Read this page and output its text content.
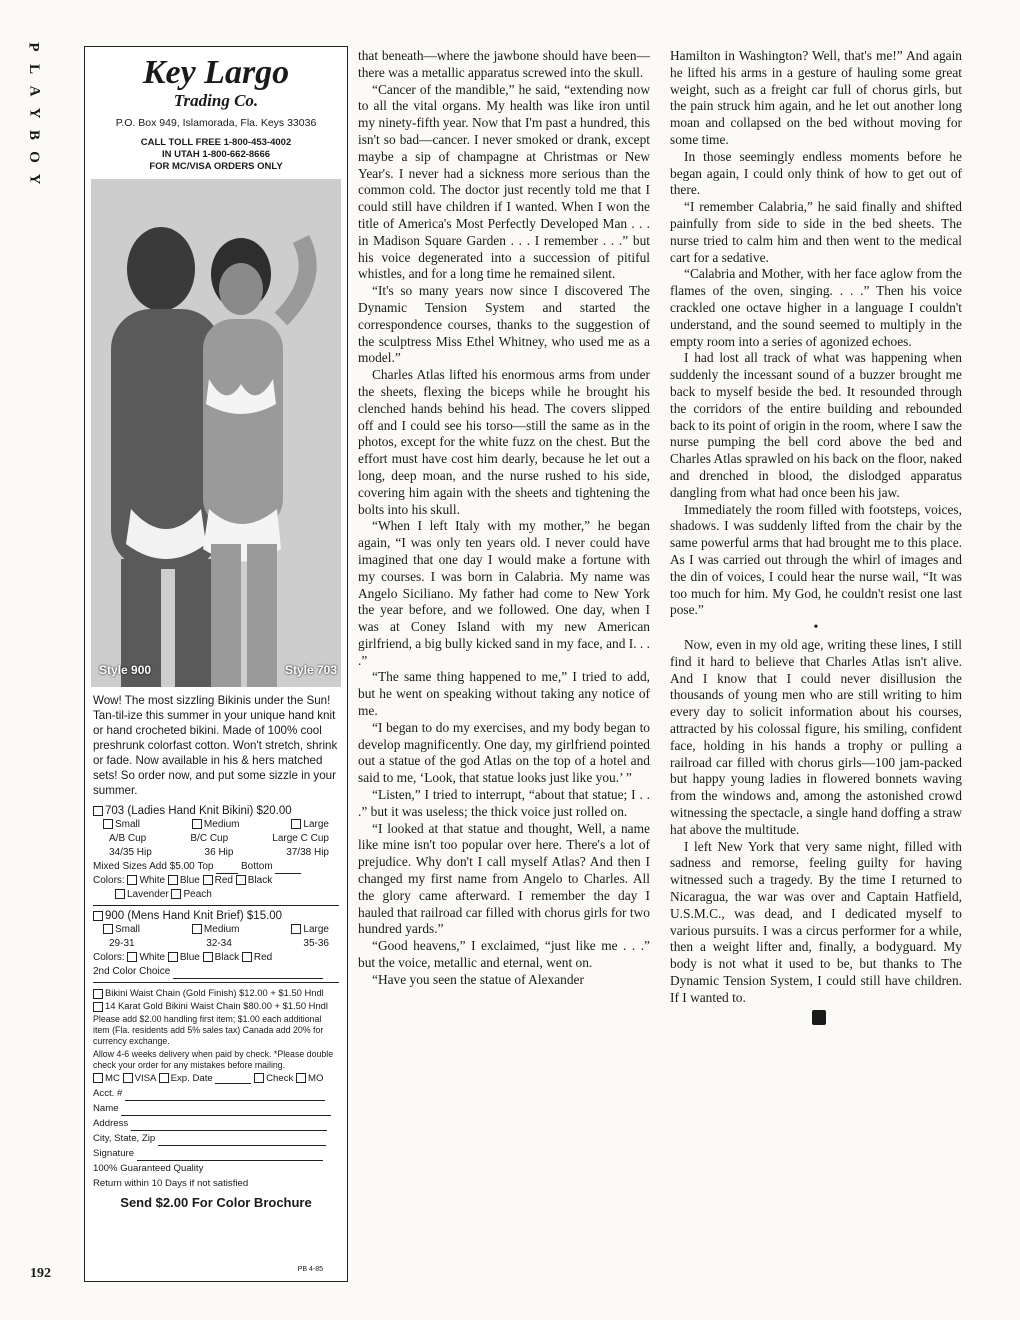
P
L
A
Y
B
O
Y
192
Key Largo
Trading Co.
P.O. Box 949, Islamorada, Fla. Keys 33036
CALL TOLL FREE 1-800-453-4002
IN UTAH 1-800-662-8666
FOR MC/VISA ORDERS ONLY
Style 900	Style 703
Wow! The most sizzling Bikinis under the Sun! Tan-til-ize this summer in your unique hand knit or hand crocheted bikini. Made of 100% cool preshrunk colorfast cotton. Won't stretch, shrink or fade. Now available in his & hers matched sets! So order now, and put some sizzle in your summer.
703 (Ladies Hand Knit Bikini) $20.00
Small	Medium	Large
A/B Cup	B/C Cup	Large C Cup
34/35 Hip	36 Hip	37/38 Hip
Mixed Sizes Add $5.00 Top	Bottom
Colors: White Blue Red Black
Lavender Peach
900 (Mens Hand Knit Brief) $15.00
Small	Medium	Large
29-31	32-34	35-36
Colors: White Blue Black Red
2nd Color Choice
Bikini Waist Chain (Gold Finish) $12.00 + $1.50 Hndl
14 Karat Gold Bikini Waist Chain $80.00 + $1.50 Hndl
Please add $2.00 handling first item; $1.00 each additional item (Fla. residents add 5% sales tax) Canada add 20% for currency exchange.
Allow 4-6 weeks delivery when paid by check. *Please double check your order for any mistakes before mailing.
MC VISA Exp. Date	Check MO
Acct. #
Name
Address
City, State, Zip
Signature
100% Guaranteed Quality
Return within 10 Days if not satisfied
Send $2.00 For Color Brochure
PB 4-85

that beneath—where the jawbone should have been—there was a metallic apparatus screwed into the skull.

“Cancer of the mandible,” he said, “extending now to all the vital organs. My health was like iron until my ninety-fifth year. Now that I'm past a hundred, this isn't so bad—cancer. I never smoked or drank, except maybe a sip of champagne at Christmas or New Year's. I never had a sickness more serious than the common cold. The doctor just recently told me that I could still have children if I wanted. When I won the title of America's Most Perfectly Developed Man . . . in Madison Square Garden . . . I remember . . .” but his voice degenerated into a succession of pitiful whistles, and for a long time he remained silent.

“It's so many years now since I discovered The Dynamic Tension System and started the correspondence courses, thanks to the suggestion of the sculptress Miss Ethel Whitney, who used me as a model.”

Charles Atlas lifted his enormous arms from under the sheets, flexing the biceps while he brought his clenched hands behind his head. The covers slipped off and I could see his torso—still the same as in the photos, except for the white fuzz on the chest. But the effort must have cost him dearly, because he let out a long, deep moan, and the nurse rushed to his side, covering him again with the sheets and tightening the bolts into his skull.

“When I left Italy with my mother,” he began again, “I was only ten years old. I never could have imagined that one day I would make a fortune with my courses. I was born in Calabria. My name was Angelo Siciliano. My father had come to New York the year before, and we followed. One day, when I was at Coney Island with my new American girlfriend, a big bully kicked sand in my face, and I. . . .”

“The same thing happened to me,” I tried to add, but he went on speaking without taking any notice of me.

“I began to do my exercises, and my body began to develop magnificently. One day, my girlfriend pointed out a statue of the god Atlas on the top of a hotel and said to me, ‘Look, that statue looks just like you.’ ”

“Listen,” I tried to interrupt, “about that statue; I . . .” but it was useless; the thick voice just rolled on.

“I looked at that statue and thought, Well, a name like mine isn't too popular over here. There's a lot of prejudice. Why don't I call myself Atlas? And then I changed my first name from Angelo to Charles. All the glory came afterward. I remember the day I hauled that railroad car filled with chorus girls for two hundred yards.”

“Good heavens,” I exclaimed, “just like me . . .” but the voice, metallic and eternal, went on.

“Have you seen the statue of Alexander

Hamilton in Washington? Well, that's me!” And again he lifted his arms in a gesture of hauling some great weight, such as a freight car full of chorus girls, but the pain struck him again, and he let out another long moan and collapsed on the bed without moving for some time.

In those seemingly endless moments before he began again, I could only think of how to get out of there.

“I remember Calabria,” he said finally and shifted painfully from side to side in the bed sheets. The nurse tried to calm him and then went to the medical cart for a sedative.

“Calabria and Mother, with her face aglow from the flames of the oven, singing. . . .” Then his voice crackled one octave higher in a language I couldn't understand, and the sound seemed to multiply in the empty room into a series of agonized echoes.

I had lost all track of what was happening when suddenly the incessant sound of a buzzer brought me back to myself beside the bed. It resounded through the corridors of the entire building and rebounded back to its point of origin in the room, where I saw the nurse pumping the bell cord above the bed and Charles Atlas sprawled on his back on the floor, naked and drenched in blood, the dislodged apparatus dangling from what had once been his jaw.

Immediately the room filled with footsteps, voices, shadows. I was suddenly lifted from the chair by the same powerful arms that had brought me to this place. As I was carried out through the whirl of images and the din of voices, I could hear the nurse wail, “It was too much for him. My God, he couldn't resist one last pose.”

•

Now, even in my old age, writing these lines, I still find it hard to believe that Charles Atlas isn't alive. And I know that I could never disillusion the thousands of young men who are still writing to him every day to solicit information about his courses, attracted by his colossal figure, his smiling, confident face, holding in his hands a trophy or pulling a railroad car filled with chorus girls—100 jam-packed but happy young ladies in flowered bonnets waving from the windows and, among the astonished crowd witnessing the spectacle, a single hand doffing a straw hat above the multitude.

I left New York that very same night, filled with sadness and remorse, feeling guilty for having witnessed such a tragedy. By the time I returned to Nicaragua, the war was over and Captain Hatfield, U.S.M.C., was dead, and I dedicated myself to various pursuits. I was a circus performer for a while, then a weight lifter and, finally, a bodyguard. My body is not what it used to be, but thanks to The Dynamic Tension System, I could still have children. If I wanted to.
